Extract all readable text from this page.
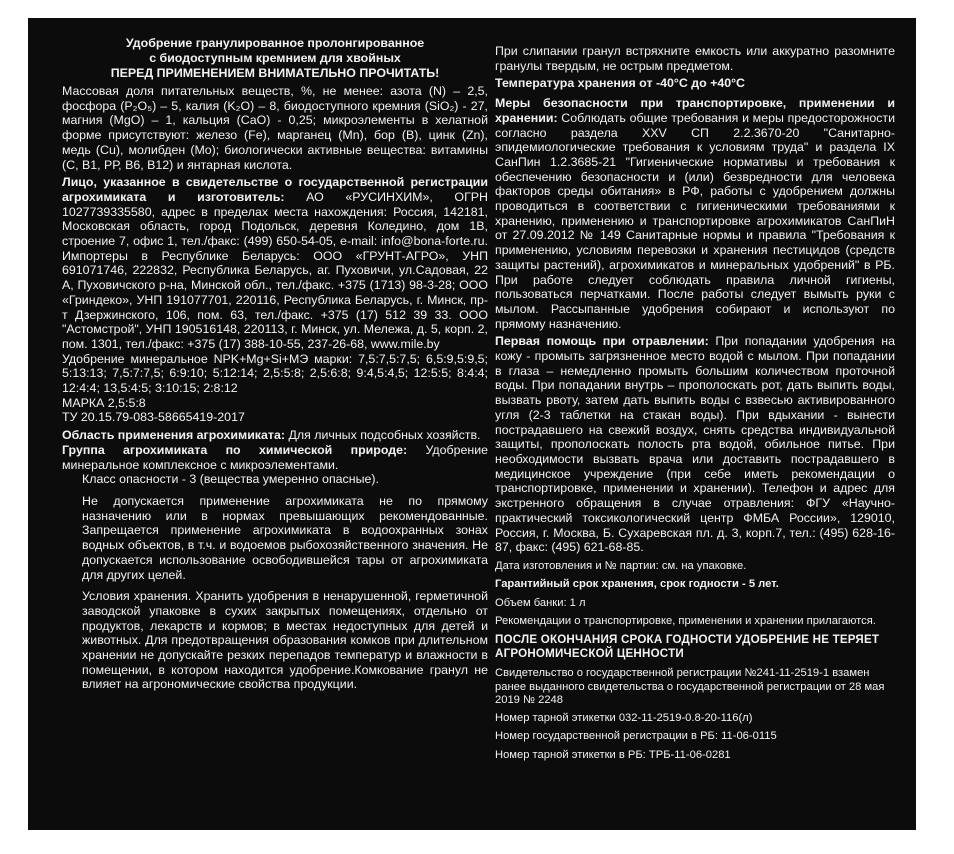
Удобрение гранулированное пролонгированное

с биодоступным кремнием для хвойных

ПЕРЕД ПРИМЕНЕНИЕМ ВНИМАТЕЛЬНО ПРОЧИТАТЬ!

Массовая доля питательных веществ, %, не менее: азота (N) – 2,5, фосфора (P₂O₅) – 5, калия (K₂O) – 8, биодоступного кремния (SiO₂) - 27, магния (MgO) – 1, кальция (CaO) - 0,25; микроэлементы в хелатной форме присутствуют: железо (Fe), марганец (Mn), бор (B), цинк (Zn), медь (Cu), молибден (Mo); биологически активные вещества: витамины (С, В1, РР, В6, В12) и янтарная кислота.

Лицо, указанное в свидетельстве о государственной регистрации агрохимиката и изготовитель: АО «РУСИНХИМ», ОГРН 1027739335580, адрес в пределах места нахождения: Россия, 142181, Московская область, город Подольск, деревня Коледино, дом 1В, строение 7, офис 1, тел./факс: (499) 650-54-05, e-mail: info@bona-forte.ru. Импортеры в Республике Беларусь: ООО «ГРУНТ-АГРО», УНП 691071746, 222832, Республика Беларусь, аг. Пуховичи, ул.Садовая, 22 А, Пуховичского р-на, Минской обл., тел./факс. +375 (1713) 98-3-28; ООО «Гриндеко», УНП 191077701, 220116, Республика Беларусь, г. Минск, пр-т Дзержинского, 106, пом. 63, тел./факс. +375 (17) 512 39 33. ООО "Астомстрой", УНП 190516148, 220113, г. Минск, ул. Мележа, д. 5, корп. 2, пом. 1301, тел./факс: +375 (17) 388-10-55, 237-26-68, www.mile.by

Удобрение минеральное NPK+Mg+Si+МЭ марки: 7,5:7,5:7,5; 6,5:9,5:9,5; 5:13:13; 7,5:7:7,5; 6:9:10; 5:12:14; 2,5:5:8; 2,5:6:8; 9:4,5:4,5; 12:5:5; 8:4:4; 12:4:4; 13,5:4:5; 3:10:15; 2:8:12

МАРКА 2,5:5:8

ТУ 20.15.79-083-58665419-2017

Область применения агрохимиката: Для личных подсобных хозяйств.

Группа агрохимиката по химической природе: Удобрение минеральное комплексное с микроэлементами.

Класс опасности - 3 (вещества умеренно опасные).

Не допускается применение агрохимиката не по прямому назначению или в нормах превышающих рекомендованные. Запрещается применение агрохимиката в водоохранных зонах водных объектов, в т.ч. и водоемов рыбохозяйственного значения. Не допускается использование освободившейся тары от агрохимиката для других целей.

Условия хранения. Хранить удобрения в ненарушенной, герметичной заводской упаковке в сухих закрытых помещениях, отдельно от продуктов, лекарств и кормов; в местах недоступных для детей и животных. Для предотвращения образования комков при длительном хранении не допускайте резких перепадов температур и влажности в помещении, в котором находится удобрение.Комкование гранул не влияет на агрономические свойства продукции.

При слипании гранул встряхните емкость или аккуратно разомните гранулы твердым, не острым предметом.

Температура хранения от -40°С до +40°С

Меры безопасности при транспортировке, применении и хранении: Соблюдать общие требования и меры предосторожности согласно раздела XXV СП 2.2.3670-20 "Санитарно-эпидемиологические требования к условиям труда" и раздела IX СанПин 1.2.3685-21 "Гигиенические нормативы и требования к обеспечению безопасности и (или) безвредности для человека факторов среды обитания» в РФ, работы с удобрением должны проводиться в соответствии с гигиеническими требованиями к хранению, применению и транспортировке агрохимикатов СанПиН от 27.09.2012 № 149 Санитарные нормы и правила "Требования к применению, условиям перевозки и хранения пестицидов (средств защиты растений), агрохимикатов и минеральных удобрений" в РБ. При работе следует соблюдать правила личной гигиены, пользоваться перчатками. После работы следует вымыть руки с мылом. Рассыпанные удобрения собирают и используют по прямому назначению.

Первая помощь при отравлении: При попадании удобрения на кожу - промыть загрязненное место водой с мылом. При попадании в глаза – немедленно промыть большим количеством проточной воды. При попадании внутрь – прополоскать рот, дать выпить воды, вызвать рвоту, затем дать выпить воды с взвесью активированного угля (2-3 таблетки на стакан воды). При вдыхании - вынести пострадавшего на свежий воздух, снять средства индивидуальной защиты, прополоскать полость рта водой, обильное питье. При необходимости вызвать врача или доставить пострадавшего в медицинское учреждение (при себе иметь рекомендации о транспортировке, применении и хранении). Телефон и адрес для экстренного обращения в случае отравления: ФГУ «Научно-практический токсикологический центр ФМБА России», 129010, Россия, г. Москва, Б. Сухаревская пл. д. 3, корп.7, тел.: (495) 628-16-87, факс: (495) 621-68-85.

Дата изготовления и № партии: см. на упаковке.

Гарантийный срок хранения, срок годности - 5 лет.

Объем банки: 1 л

Рекомендации о транспортировке, применении и хранении прилагаются.

ПОСЛЕ ОКОНЧАНИЯ СРОКА ГОДНОСТИ УДОБРЕНИЕ НЕ ТЕРЯЕТ АГРОНОМИЧЕСКОЙ ЦЕННОСТИ

Свидетельство о государственной регистрации №241-11-2519-1 взамен ранее выданного свидетельства о государственной регистрации от 28 мая 2019 № 2248

Номер тарной этикетки 032-11-2519-0.8-20-116(л)

Номер государственной регистрации в РБ: 11-06-0115

Номер тарной этикетки в РБ: ТРБ-11-06-0281
